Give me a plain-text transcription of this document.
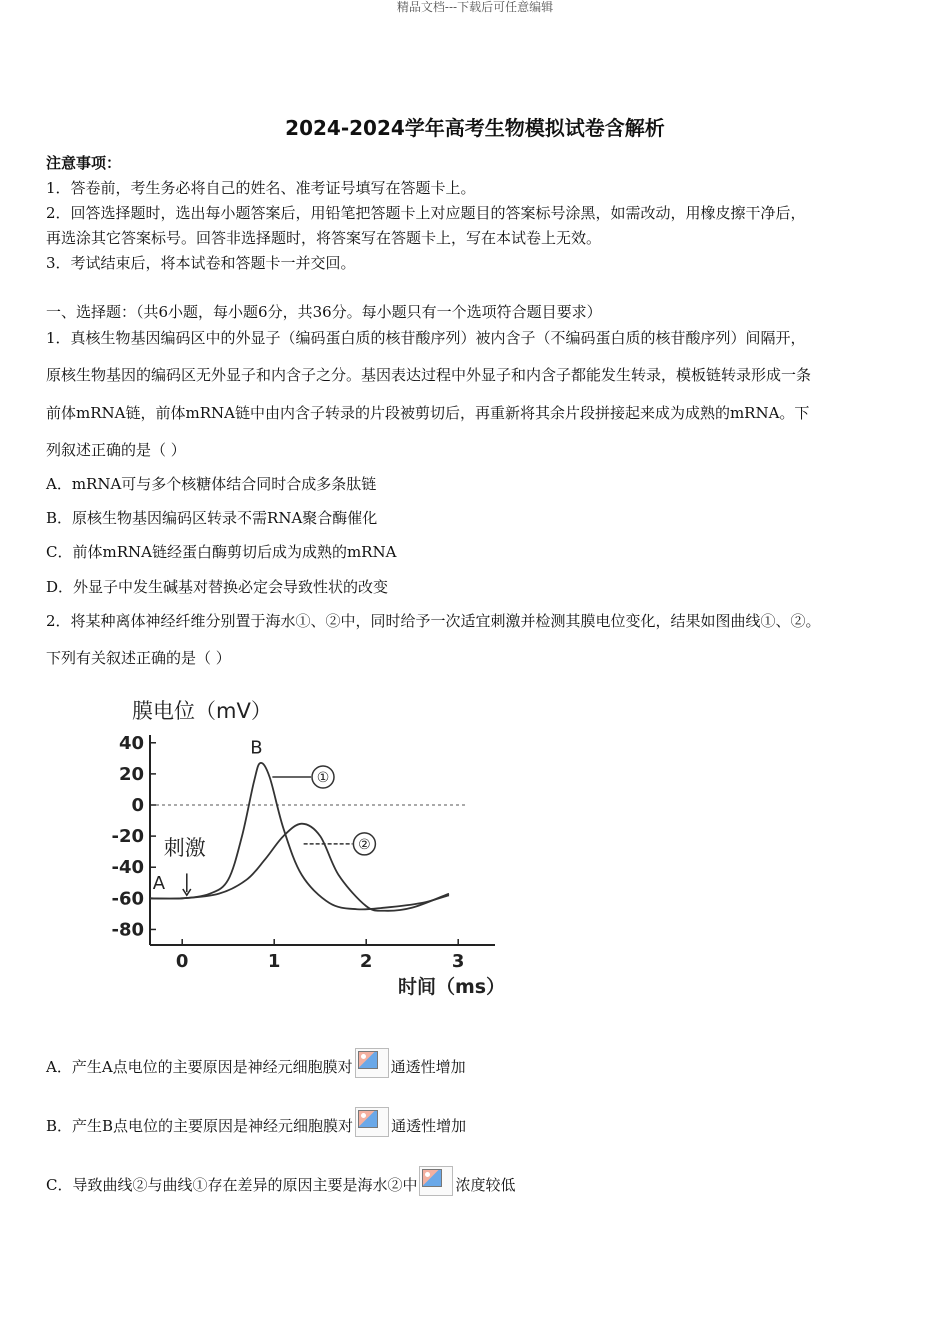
精品文档---下载后可任意编辑
2024-2024学年高考生物模拟试卷含解析
注意事项：
1．答卷前，考生务必将自己的姓名、准考证号填写在答题卡上。
2．回答选择题时，选出每小题答案后，用铅笔把答题卡上对应题目的答案标号涂黑，如需改动，用橡皮擦干净后，
再选涂其它答案标号。回答非选择题时，将答案写在答题卡上，写在本试卷上无效。
3．考试结束后，将本试卷和答题卡一并交回。
一、选择题：（共6小题，每小题6分，共36分。每小题只有一个选项符合题目要求）
1．真核生物基因编码区中的外显子（编码蛋白质的核苷酸序列）被内含子（不编码蛋白质的核苷酸序列）间隔开，
原核生物基因的编码区无外显子和内含子之分。基因表达过程中外显子和内含子都能发生转录，模板链转录形成一条
前体mRNA链，前体mRNA链中由内含子转录的片段被剪切后，再重新将其余片段拼接起来成为成熟的mRNA。下
列叙述正确的是（ ）
A．mRNA可与多个核糖体结合同时合成多条肽链
B．原核生物基因编码区转录不需RNA聚合酶催化
C．前体mRNA链经蛋白酶剪切后成为成熟的mRNA
D．外显子中发生碱基对替换必定会导致性状的改变
2．将某种离体神经纤维分别置于海水①、②中，同时给予一次适宜刺激并检测其膜电位变化，结果如图曲线①、②。
下列有关叙述正确的是（ ）
40
20
0
-20
-40
-60
-80
0	1	2	3
膜电位（mV）
时间（ms）
①
②
A
B
刺激
A．产生A点电位的主要原因是神经元细胞膜对	通透性增加
B．产生B点电位的主要原因是神经元细胞膜对	通透性增加
C．导致曲线②与曲线①存在差异的原因主要是海水②中	浓度较低
